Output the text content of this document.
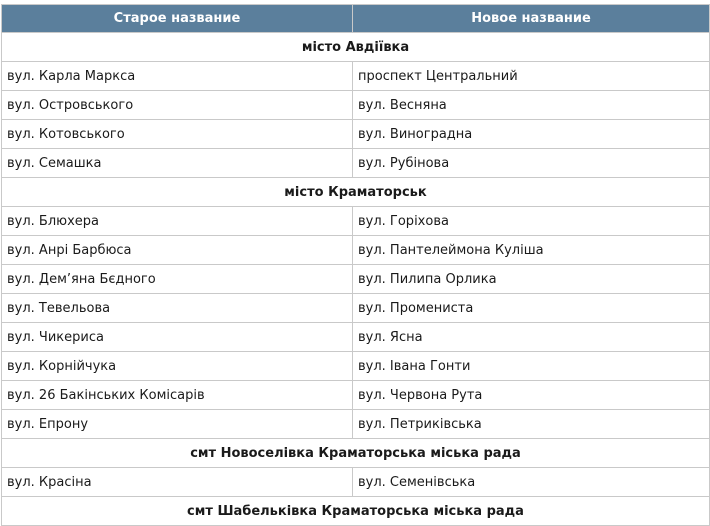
Старое название	Новое название
місто Авдіївка	
вул. Карла Маркса	проспект Центральний
вул. Островського	вул. Весняна
вул. Котовського	вул. Виноградна
вул. Семашка	вул. Рубінова
місто Краматорськ	
вул. Блюхера	вул. Горіхова
вул. Анрі Барбюса	вул. Пантелеймона Куліша
вул. Дем’яна Бєдного	вул. Пилипа Орлика
вул. Тевельова	вул. Промениста
вул. Чикериса	вул. Ясна
вул. Корнійчука	вул. Івана Гонти
вул. 26 Бакінських Комісарів	вул. Червона Рута
вул. Епрону	вул. Петриківська
смт Новоселівка Краматорська міська рада	
вул. Красіна	вул. Семенівська
смт Шабельківка Краматорська міська рада	
